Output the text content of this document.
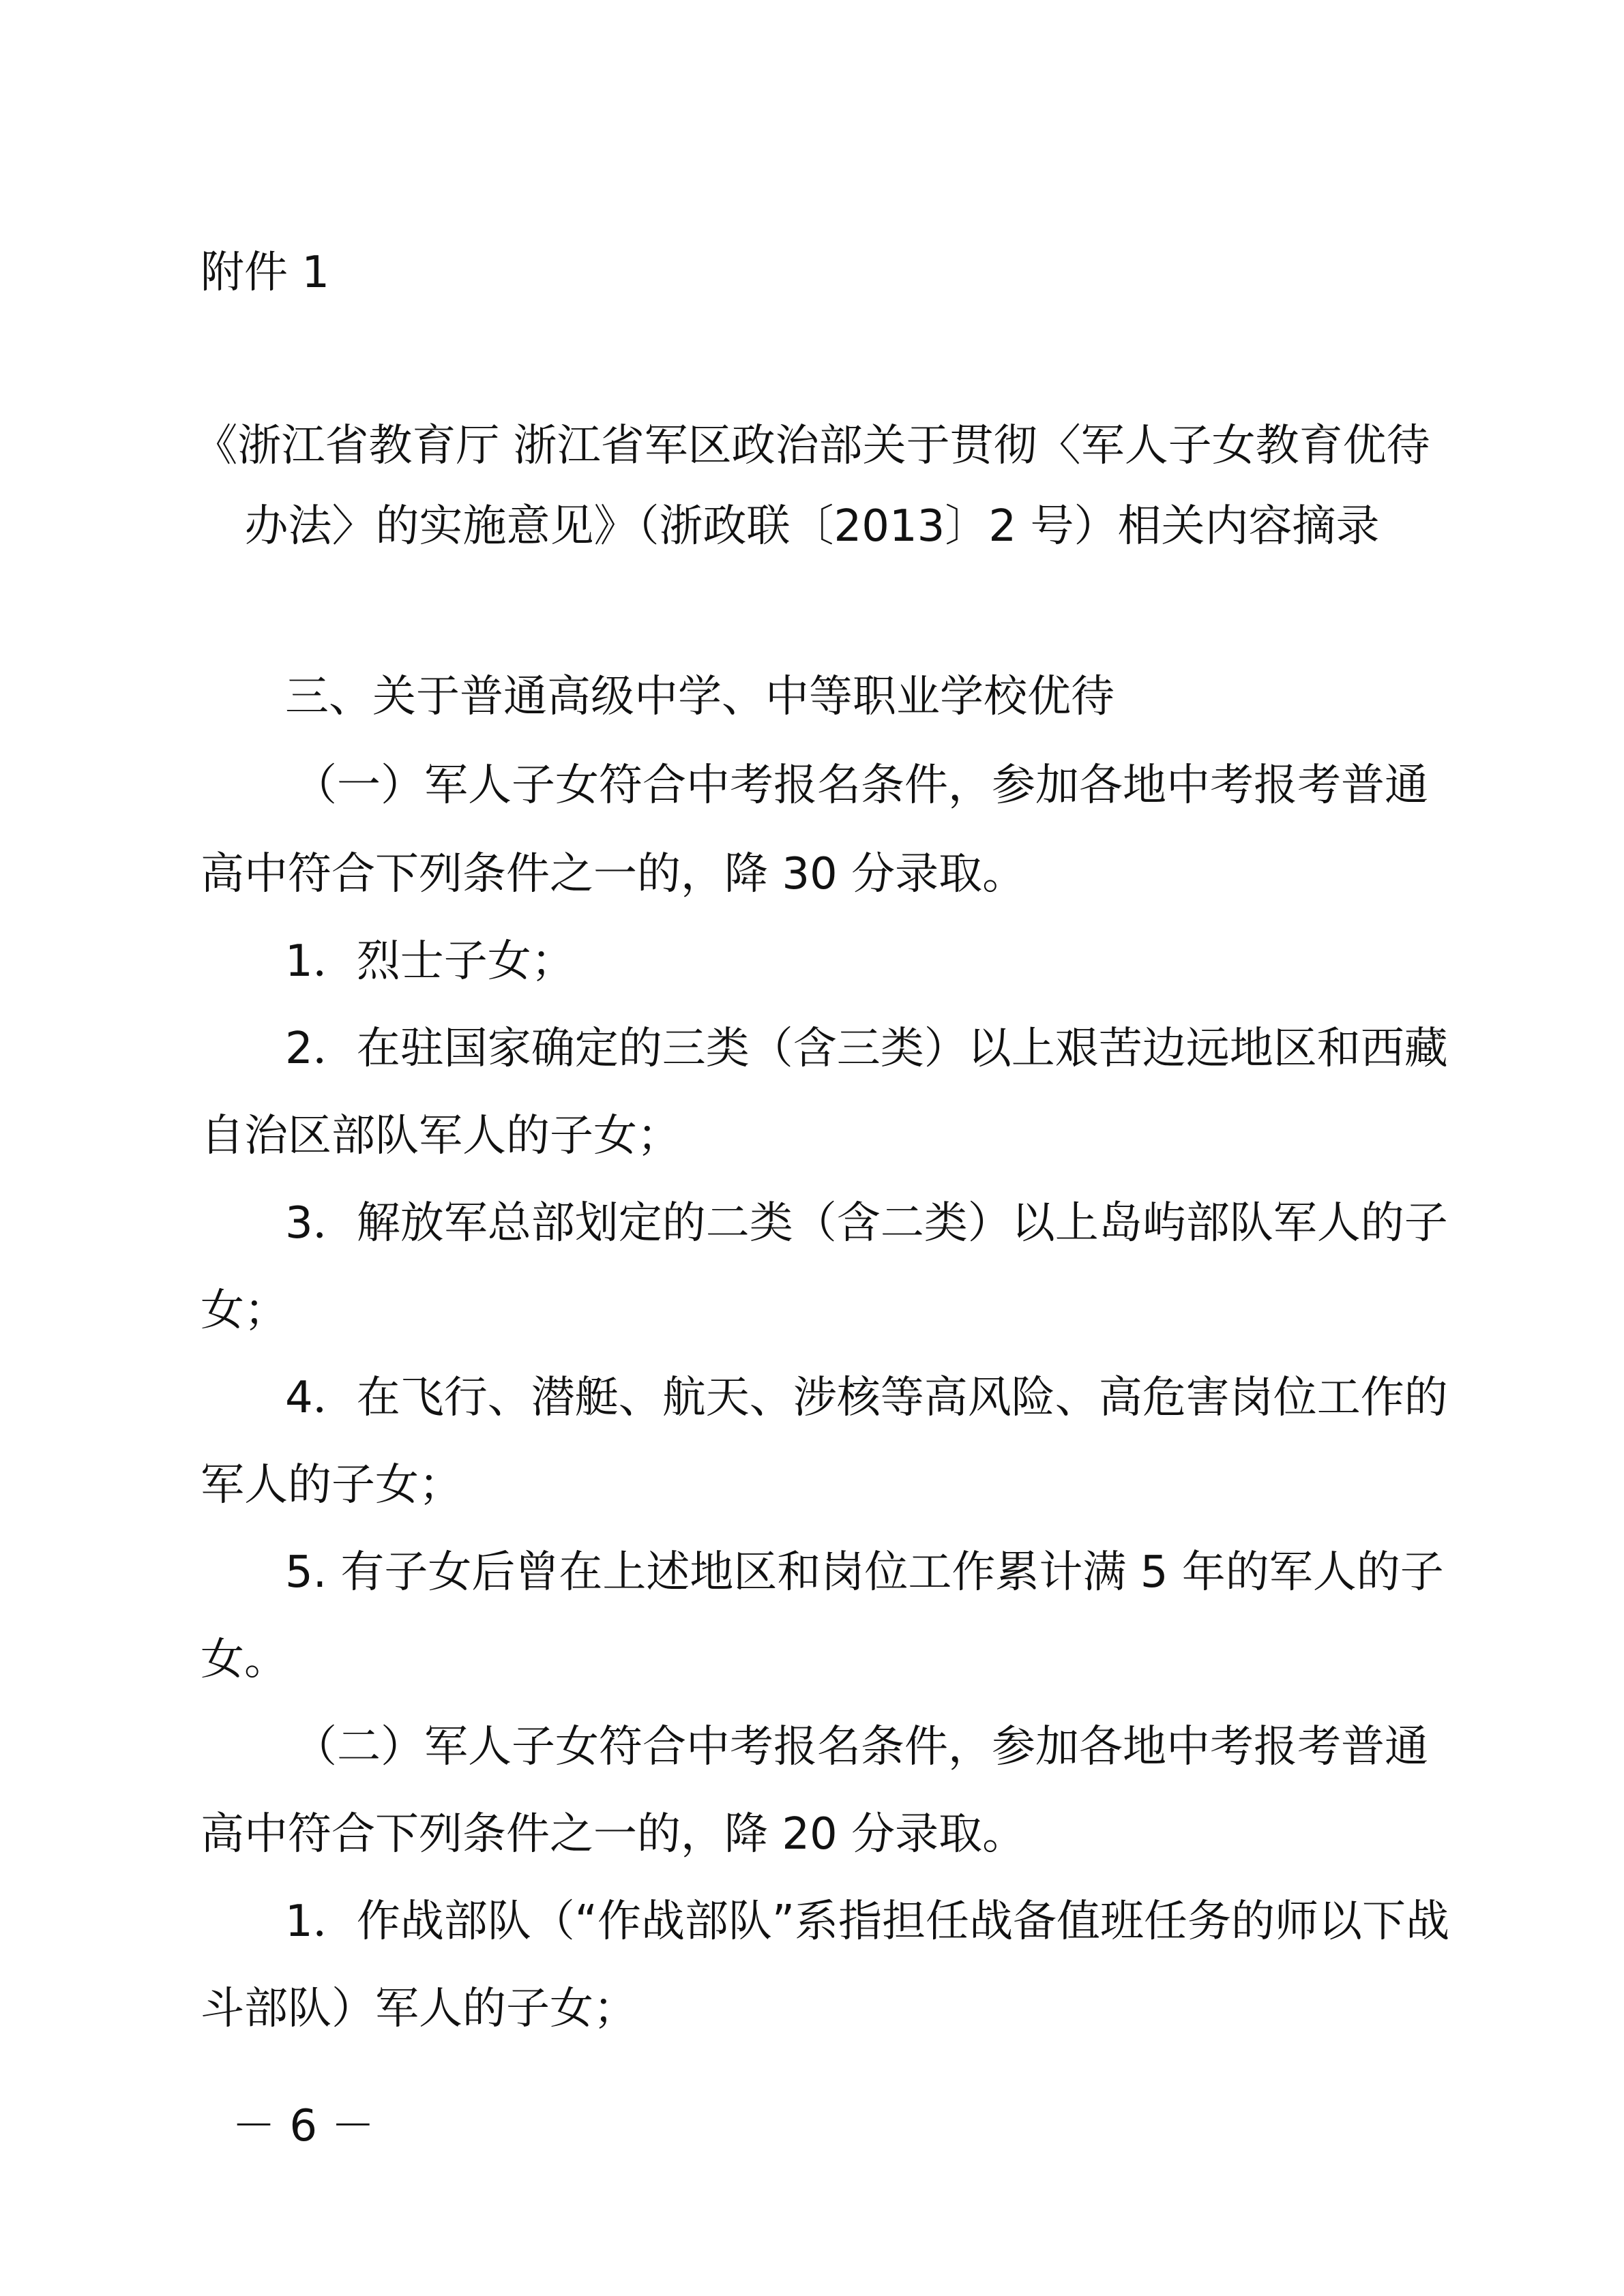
附件 1
《浙江省教育厅 浙江省军区政治部关于贯彻〈军人子女教育优待
办法〉的实施意见》（浙政联〔2013〕2 号）相关内容摘录
三、关于普通高级中学、中等职业学校优待
（一）军人子女符合中考报名条件，参加各地中考报考普通
高中符合下列条件之一的，降 30 分录取。
1．烈士子女；
2．在驻国家确定的三类（含三类）以上艰苦边远地区和西藏
自治区部队军人的子女；
3．解放军总部划定的二类（含二类）以上岛屿部队军人的子
女；
4．在飞行、潜艇、航天、涉核等高风险、高危害岗位工作的
军人的子女；
5. 有子女后曾在上述地区和岗位工作累计满 5 年的军人的子
女。
（二）军人子女符合中考报名条件，参加各地中考报考普通
高中符合下列条件之一的，降 20 分录取。
1．作战部队（“作战部队”系指担任战备值班任务的师以下战
斗部队）军人的子女；
－ 6 －
